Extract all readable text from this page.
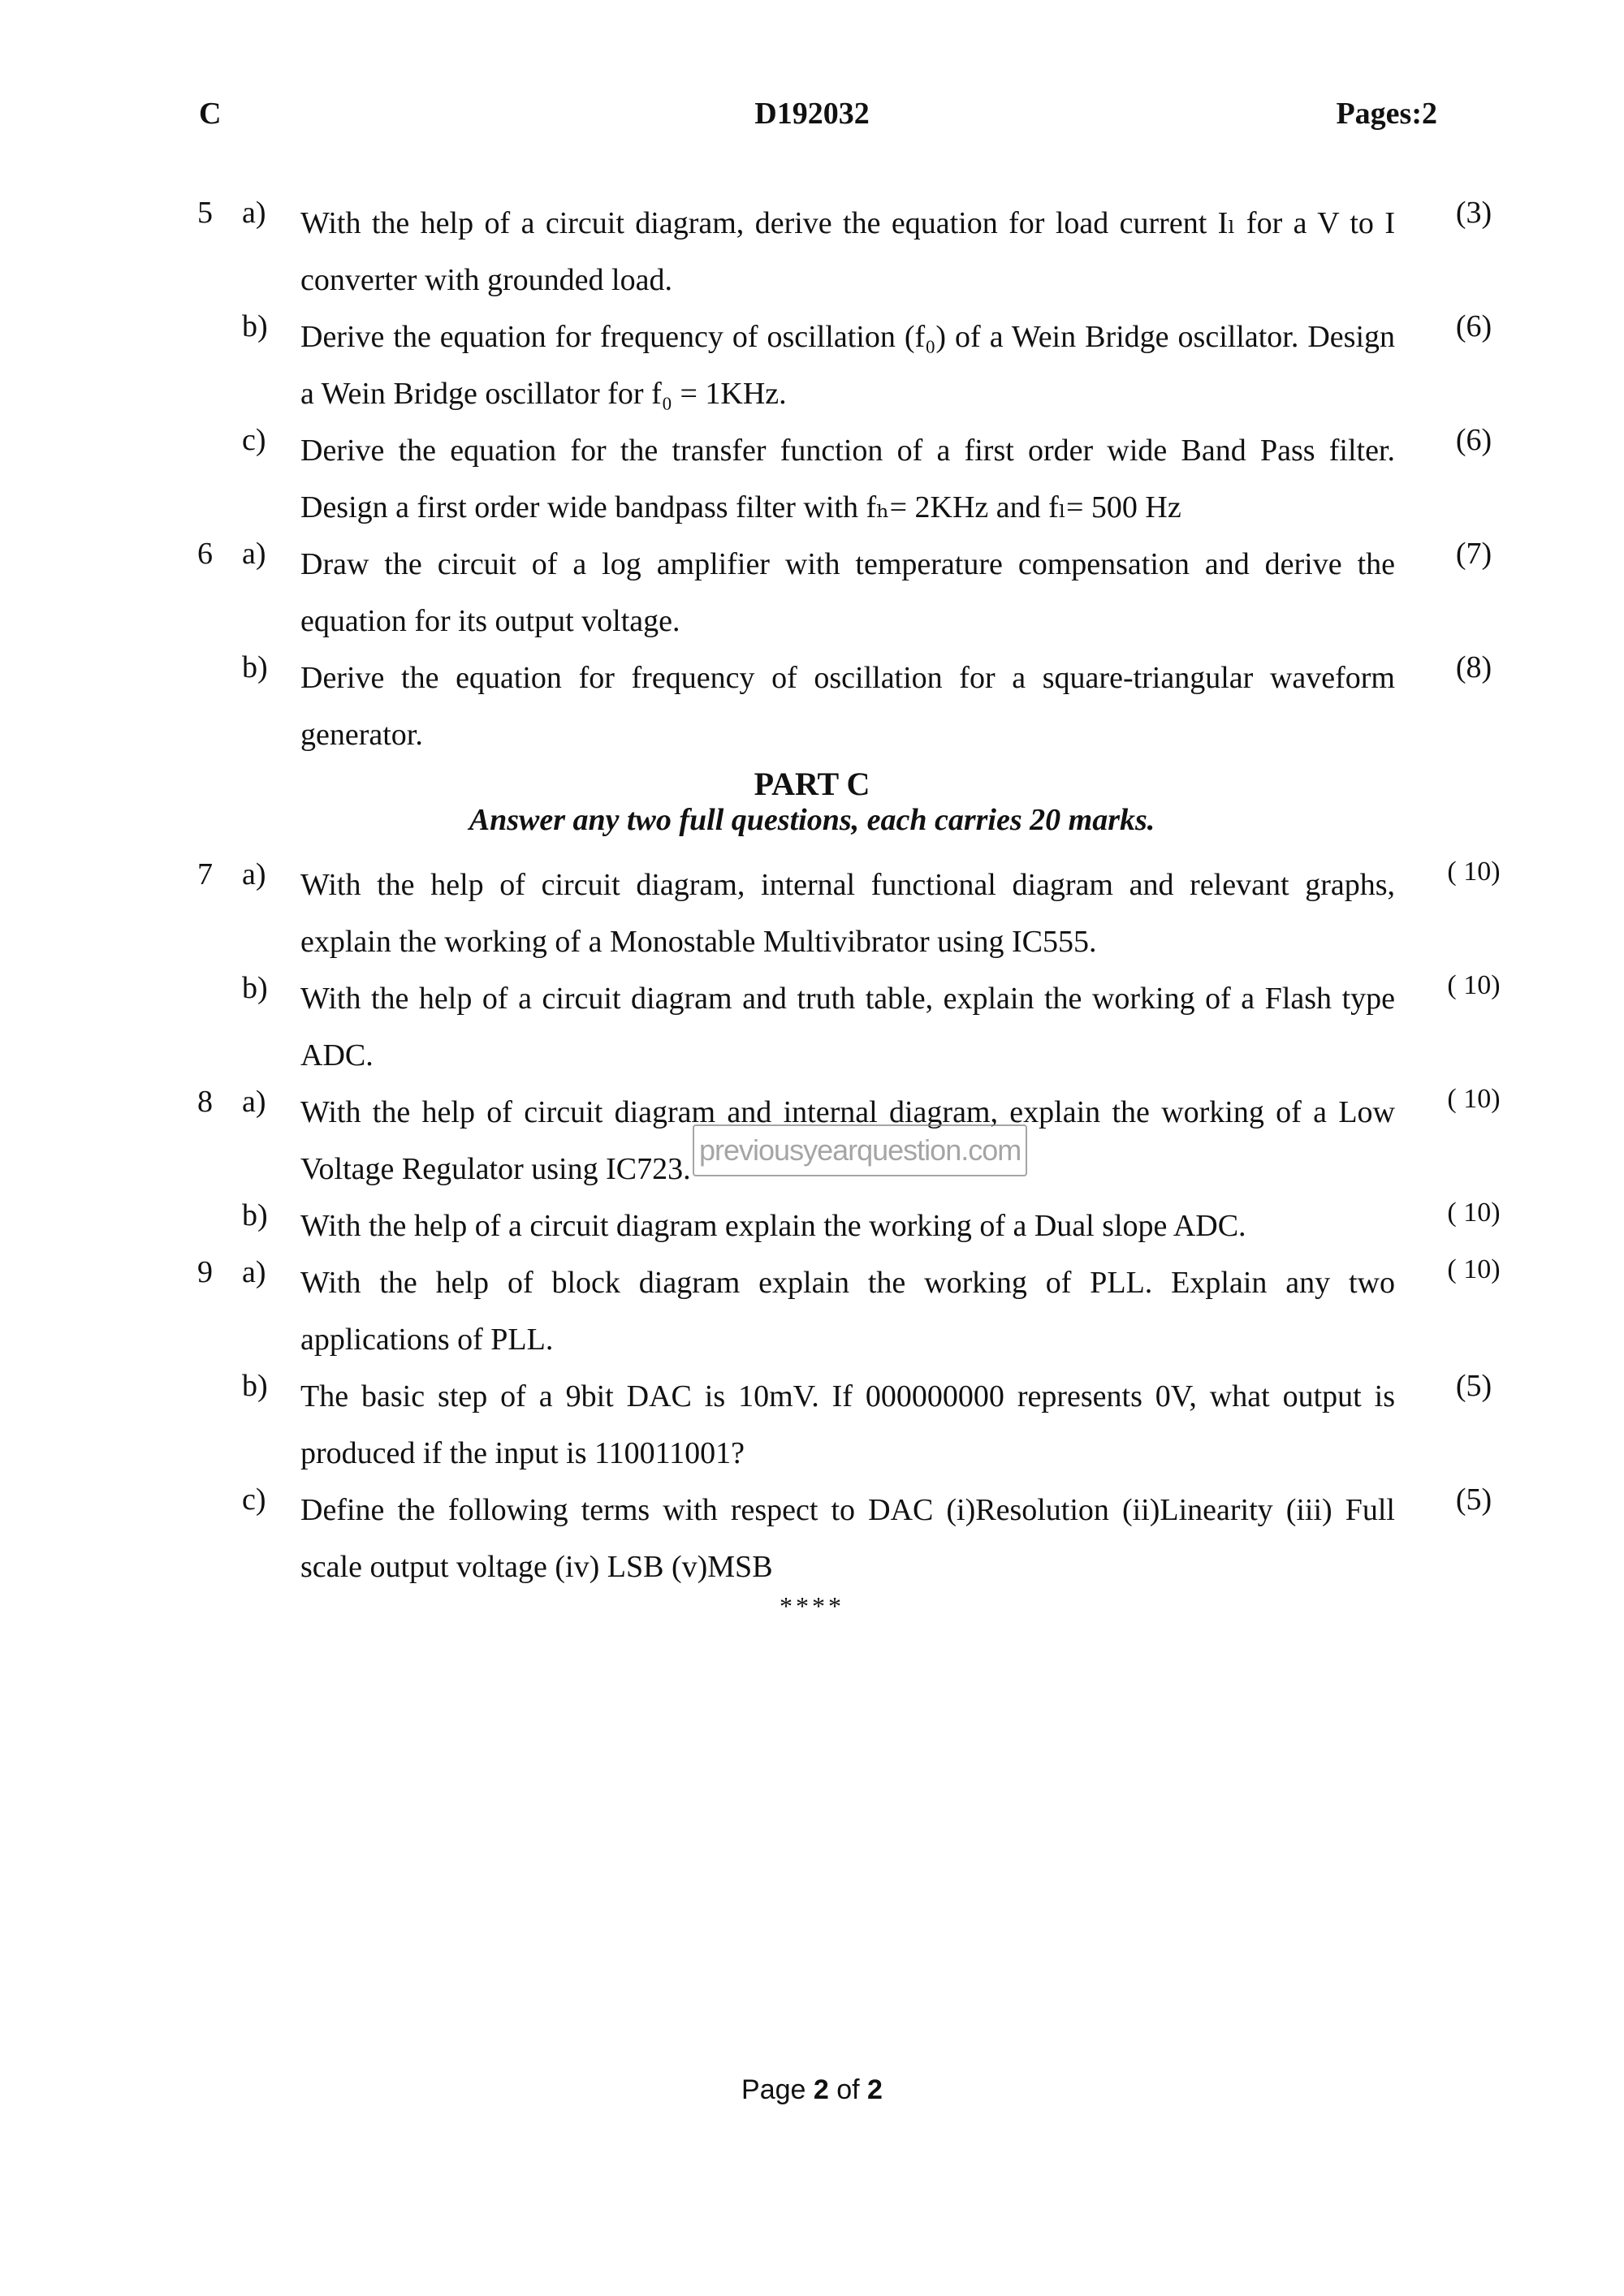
C	D192032	Pages:2
5 a) With the help of a circuit diagram, derive the equation for load current Iₗ for a V to I converter with grounded load.
(3)
b) Derive the equation for frequency of oscillation (f₀) of a Wein Bridge oscillator. Design a Wein Bridge oscillator for f₀ = 1KHz.
(6)
c) Derive the equation for the transfer function of a first order wide Band Pass filter. Design a first order wide bandpass filter with fₕ= 2KHz and fₗ= 500 Hz
(6)
6 a) Draw the circuit of a log amplifier with temperature compensation and derive the equation for its output voltage.
(7)
b) Derive the equation for frequency of oscillation for a square-triangular waveform generator.
(8)
PART C
Answer any two full questions, each carries 20 marks.
7 a) With the help of circuit diagram, internal functional diagram and relevant graphs, explain the working of a Monostable Multivibrator using IC555.
( 10)
b) With the help of a circuit diagram and truth table, explain the working of a Flash type ADC.
( 10)
8 a) With the help of circuit diagram and internal diagram, explain the working of a Low Voltage Regulator using IC723.
( 10)
b) With the help of a circuit diagram explain the working of a Dual slope ADC.	( 10)
9 a) With the help of block diagram explain the working of PLL. Explain any two applications of PLL.
( 10)
b) The basic step of a 9bit DAC is 10mV. If 000000000 represents 0V, what output is produced if the input is 110011001?
(5)
c) Define the following terms with respect to DAC (i)Resolution (ii)Linearity (iii) Full scale output voltage (iv) LSB (v)MSB
(5)
previousyearquestion.com
****
Page 2 of 2
